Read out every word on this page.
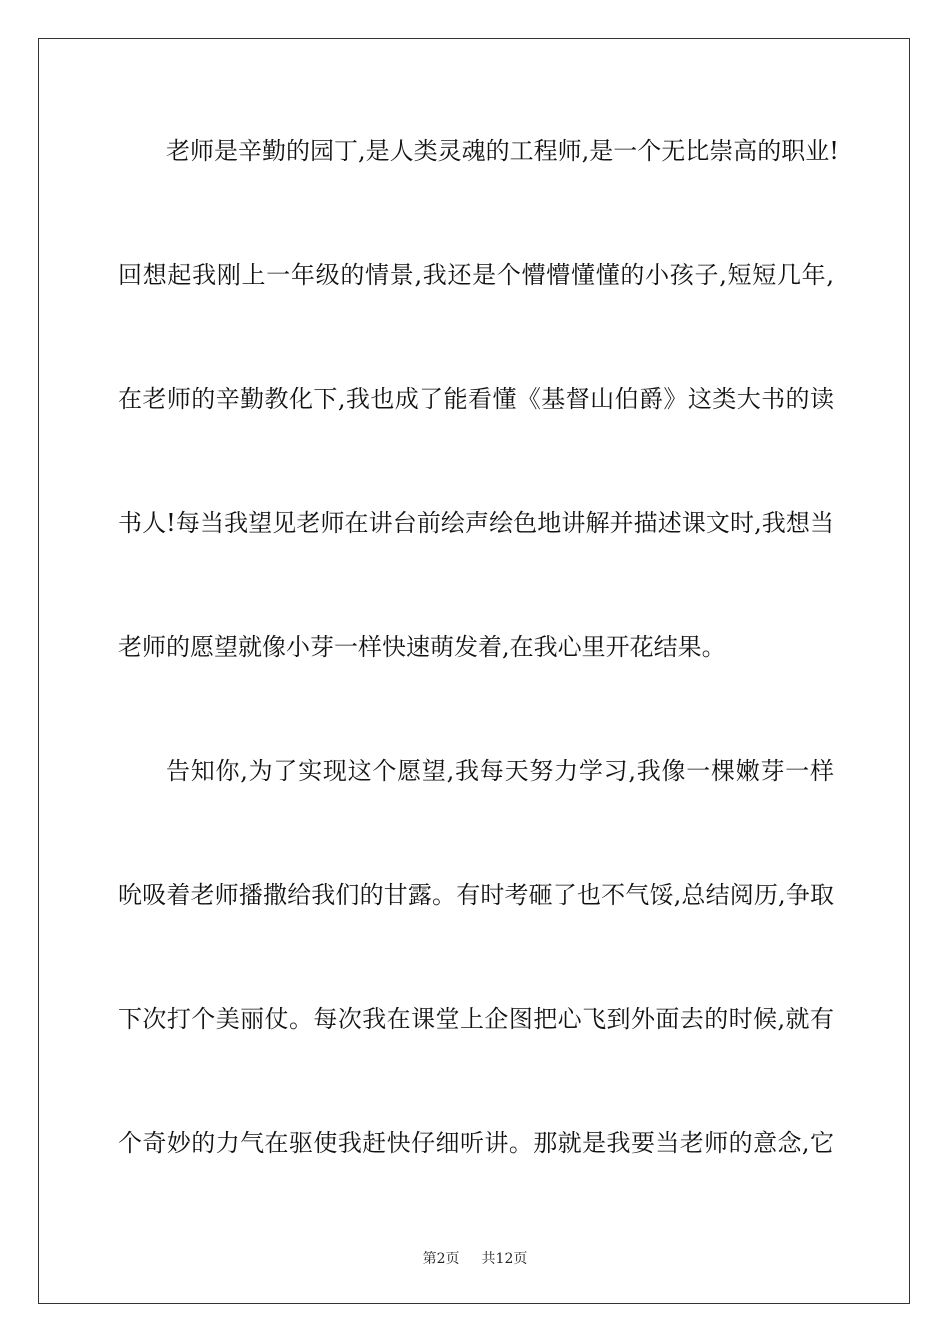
老师是辛勤的园丁,是人类灵魂的工程师,是一个无比崇高的职业!
回想起我刚上一年级的情景,我还是个懵懵懂懂的小孩子,短短几年,
在老师的辛勤教化下,我也成了能看懂《基督山伯爵》这类大书的读
书人!每当我望见老师在讲台前绘声绘色地讲解并描述课文时,我想当
老师的愿望就像小芽一样快速萌发着,在我心里开花结果。
告知你,为了实现这个愿望,我每天努力学习,我像一棵嫩芽一样
吮吸着老师播撒给我们的甘露。有时考砸了也不气馁,总结阅历,争取
下次打个美丽仗。每次我在课堂上企图把心飞到外面去的时候,就有
个奇妙的力气在驱使我赶快仔细听讲。那就是我要当老师的意念,它
第2页 共12页
